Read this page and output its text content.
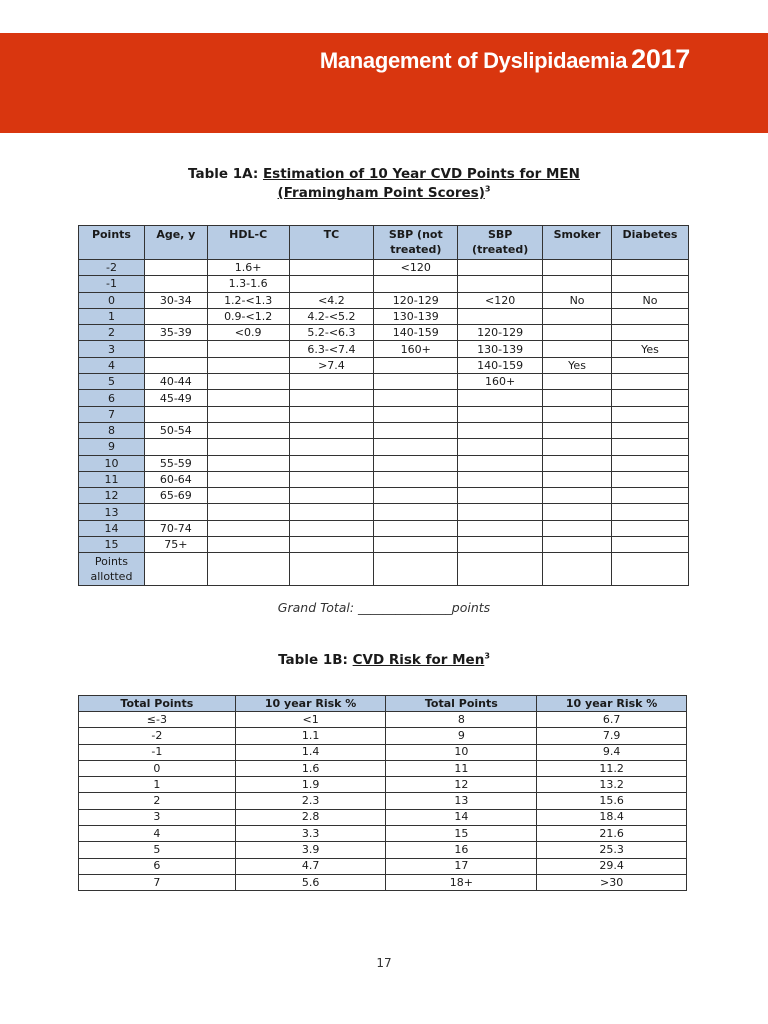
Management of Dyslipidaemia 2017
Table 1A: Estimation of 10 Year CVD Points for MEN
(Framingham Point Scores)$^3$
Points	Age, y	HDL-C	TC	SBP (not treated)	SBP (treated)	Smoker	Diabetes
-2		1.6+		<120			
-1		1.3-1.6					
0	30-34	1.2-<1.3	<4.2	120-129	<120	No	No
1		0.9-<1.2	4.2-<5.2	130-139			
2	35-39	<0.9	5.2-<6.3	140-159	120-129		
3			6.3-<7.4	160+	130-139		Yes
4			>7.4		140-159	Yes	
5	40-44				160+		
6	45-49						
7							
8	50-54						
9							
10	55-59						
11	60-64						
12	65-69						
13							
14	70-74						
15	75+						
Points allotted							
Grand Total: _______________points
Table 1B: CVD Risk for Men$^3$
Total Points	10 year Risk %	Total Points	10 year Risk %
≤-3	<1	8	6.7
-2	1.1	9	7.9
-1	1.4	10	9.4
0	1.6	11	11.2
1	1.9	12	13.2
2	2.3	13	15.6
3	2.8	14	18.4
4	3.3	15	21.6
5	3.9	16	25.3
6	4.7	17	29.4
7	5.6	18+	>30
17
